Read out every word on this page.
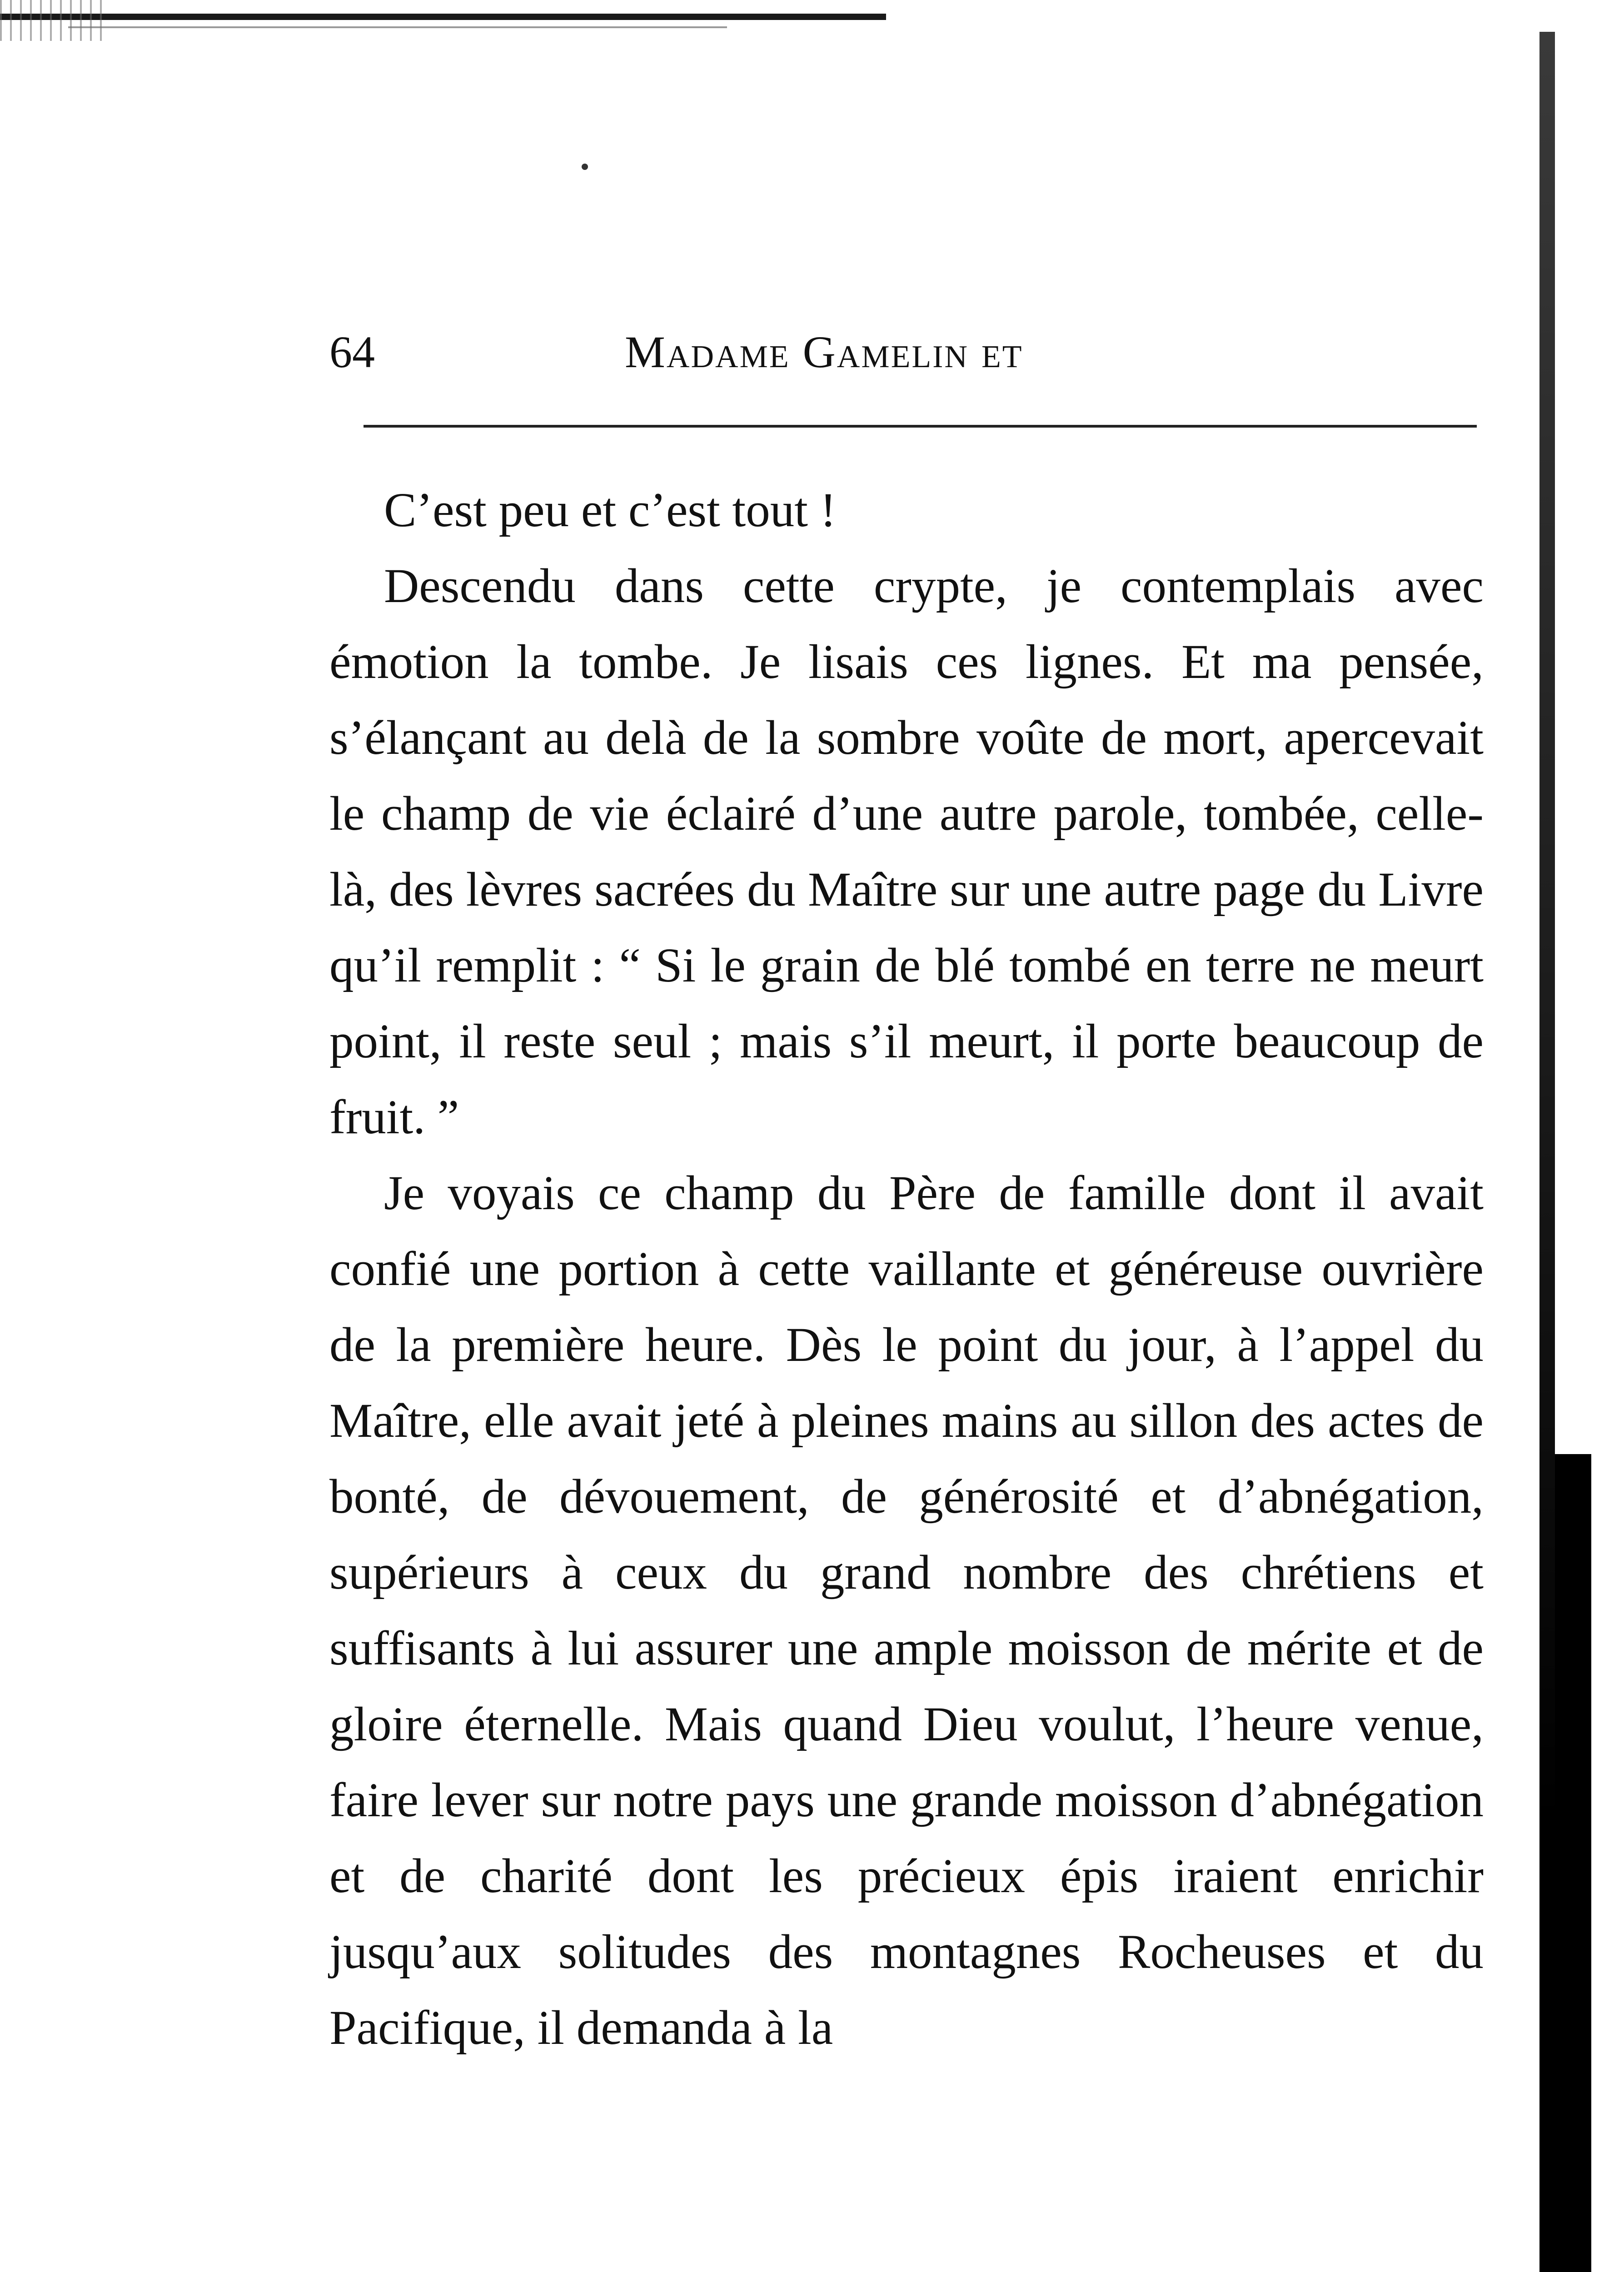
64	Madame Gamelin et

C’est peu et c’est tout !

Descendu dans cette crypte, je contemplais avec émotion la tombe. Je lisais ces lignes. Et ma pensée, s’élançant au delà de la sombre voûte de mort, apercevait le champ de vie éclairé d’une autre parole, tombée, celle-là, des lèvres sacrées du Maître sur une autre page du Livre qu’il remplit : “ Si le grain de blé tombé en terre ne meurt point, il reste seul ; mais s’il meurt, il porte beaucoup de fruit. ”

Je voyais ce champ du Père de famille dont il avait confié une portion à cette vaillante et généreuse ouvrière de la première heure. Dès le point du jour, à l’appel du Maître, elle avait jeté à pleines mains au sillon des actes de bonté, de dévouement, de générosité et d’abnégation, supérieurs à ceux du grand nombre des chrétiens et suffisants à lui assurer une ample moisson de mérite et de gloire éternelle. Mais quand Dieu voulut, l’heure venue, faire lever sur notre pays une grande moisson d’abnégation et de charité dont les précieux épis iraient enrichir jusqu’aux solitudes des montagnes Rocheuses et du Pacifique, il demanda à la
